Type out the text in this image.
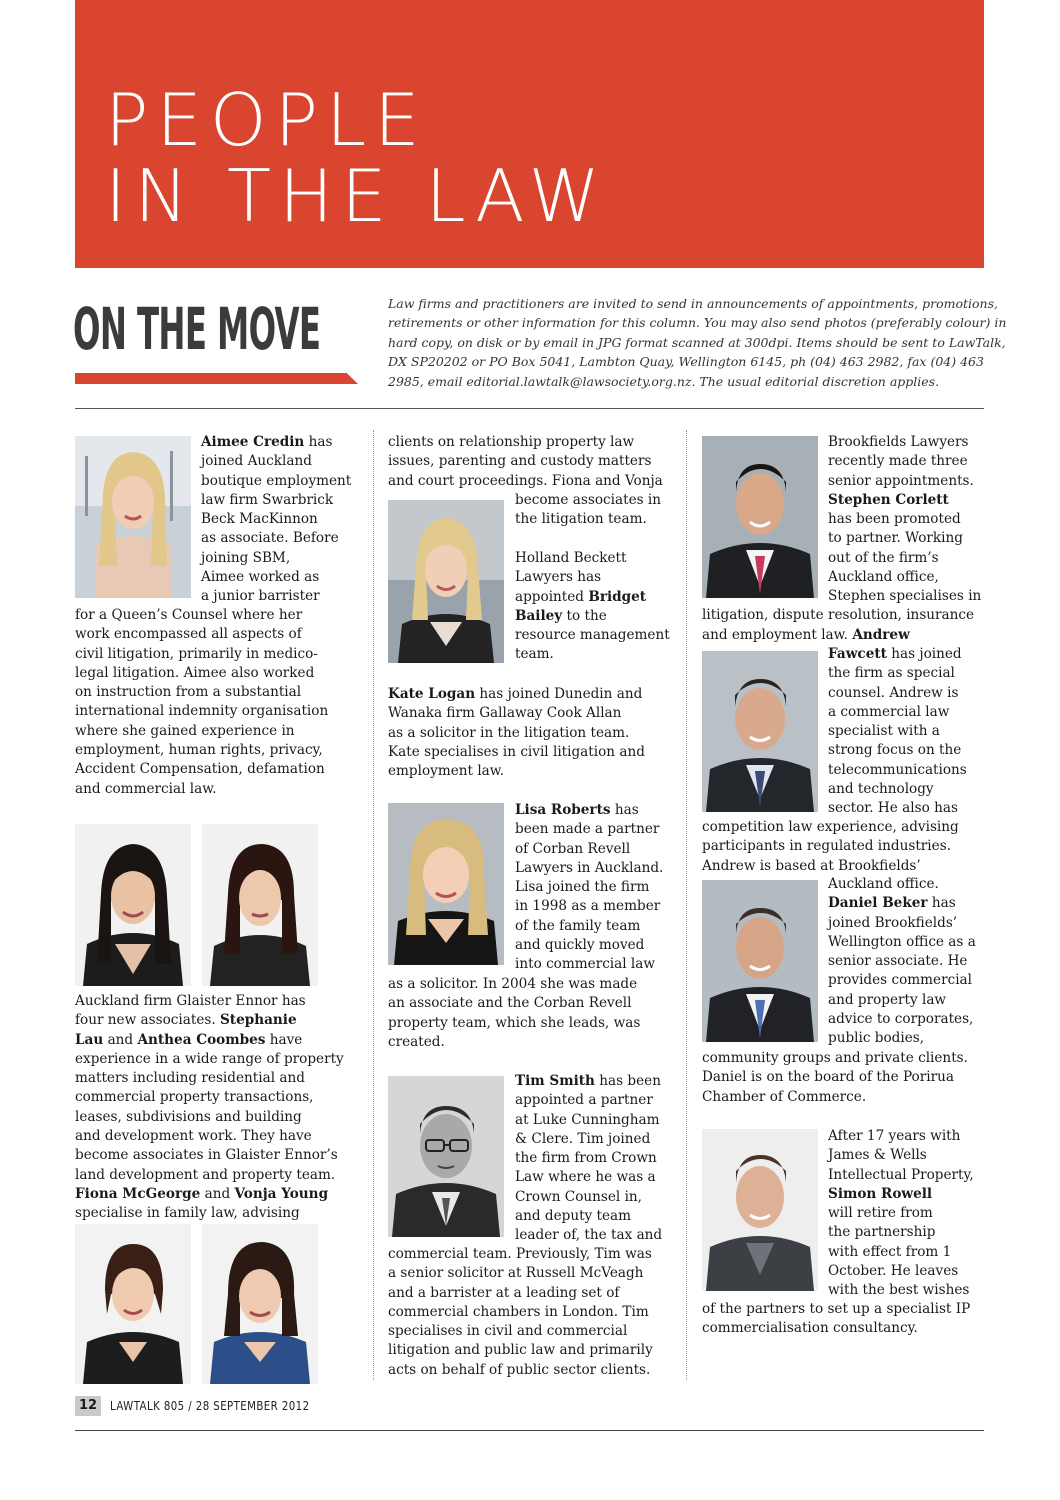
PEOPLE
IN THE LAW
ON THE MOVE	Law firms and practitioners are invited to send in announcements of appointments, promotions,
retirements or other information for this column. You may also send photos (preferably colour) in
hard copy, on disk or by email in JPG format scanned at 300dpi. Items should be sent to LawTalk,
DX SP20202 or PO Box 5041, Lambton Quay, Wellington 6145, ph (04) 463 2982, fax (04) 463
2985, email editorial.lawtalk@lawsociety.org.nz. The usual editorial discretion applies.

Aimee Credin has
joined Auckland
boutique employment
law firm Swarbrick
Beck MacKinnon
as associate. Before
joining SBM,
Aimee worked as
a junior barrister

for a Queen’s Counsel where her
work encompassed all aspects of
civil litigation, primarily in medico-
legal litigation. Aimee also worked
on instruction from a substantial
international indemnity organisation
where she gained experience in
employment, human rights, privacy,
Accident Compensation, defamation
and commercial law.

Auckland firm Glaister Ennor has
four new associates. Stephanie
Lau and Anthea Coombes have
experience in a wide range of property
matters including residential and
commercial property transactions,
leases, subdivisions and building
and development work. They have
become associates in Glaister Ennor’s
land development and property team.
Fiona McGeorge and Vonja Young
specialise in family law, advising

clients on relationship property law
issues, parenting and custody matters
and court proceedings. Fiona and Vonja

become associates in
the litigation team.

Holland Beckett
Lawyers has
appointed Bridget
Bailey to the
resource management
team.

Kate Logan has joined Dunedin and
Wanaka firm Gallaway Cook Allan
as a solicitor in the litigation team.
Kate specialises in civil litigation and
employment law.

Lisa Roberts has
been made a partner
of Corban Revell
Lawyers in Auckland.
Lisa joined the firm
in 1998 as a member
of the family team
and quickly moved
into commercial law

as a solicitor. In 2004 she was made
an associate and the Corban Revell
property team, which she leads, was
created.

Tim Smith has been
appointed a partner
at Luke Cunningham
& Clere. Tim joined
the firm from Crown
Law where he was a
Crown Counsel in,
and deputy team
leader of, the tax and

commercial team. Previously, Tim was
a senior solicitor at Russell McVeagh
and a barrister at a leading set of
commercial chambers in London. Tim
specialises in civil and commercial
litigation and public law and primarily
acts on behalf of public sector clients.

Brookfields Lawyers
recently made three
senior appointments.
Stephen Corlett
has been promoted
to partner. Working
out of the firm’s
Auckland office,

Stephen specialises in
litigation, dispute resolution, insurance
and employment law. Andrew

Fawcett has joined
the firm as special
counsel. Andrew is
a commercial law
specialist with a
strong focus on the
telecommunications
and technology
sector. He also has

competition law experience, advising
participants in regulated industries.
Andrew is based at Brookfields’

Auckland office.
Daniel Beker has
joined Brookfields’
Wellington office as a
senior associate. He
provides commercial
and property law
advice to corporates,
public bodies,

community groups and private clients.
Daniel is on the board of the Porirua
Chamber of Commerce.

After 17 years with
James & Wells
Intellectual Property,
Simon Rowell
will retire from
the partnership
with effect from 1
October. He leaves
with the best wishes

of the partners to set up a specialist IP
commercialisation consultancy.

12	LAWTALK 805 / 28 SEPTEMBER 2012
